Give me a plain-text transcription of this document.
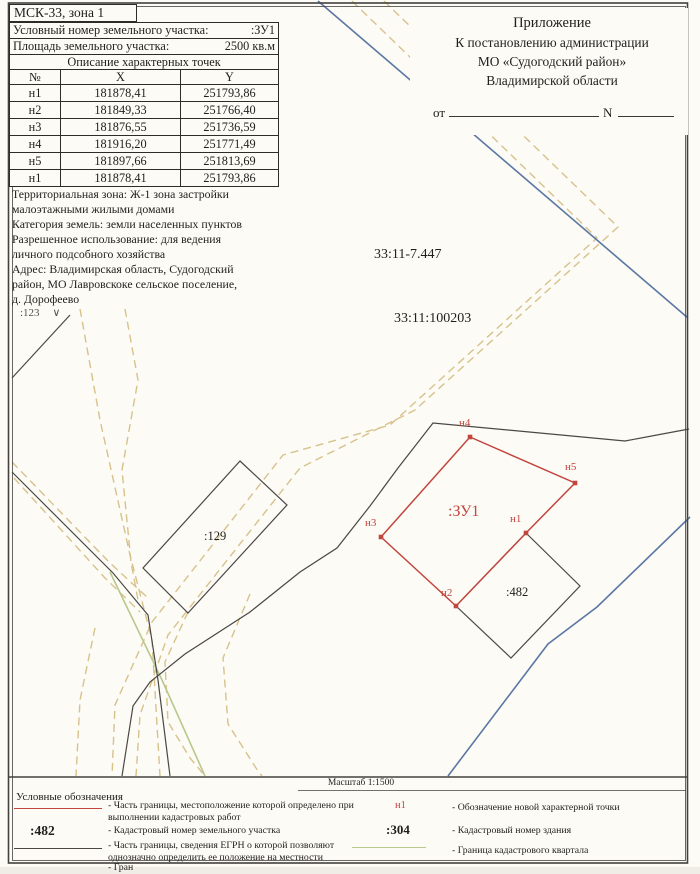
МСК-33, зона 1
Условный номер земельного участка: :ЗУ1		

Площадь земельного участка: 2500 кв.м		

Описание характерных точек		
№	X	Y
н1	181878,41	251793,86
н2	181849,33	251766,40
н3	181876,55	251736,59
н4	181916,20	251771,49
н5	181897,66	251813,69
н1	181878,41	251793,86
Территориальная зона: Ж-1 зона застройки
малоэтажными жилыми домами
Категория земель: земли населенных пунктов
Разрешенное использование: для ведения
личного подсобного хозяйства
Адрес: Владимирская область, Судогодский
район, МО Лавровскоке сельское поселение,
д. Дорофеево
Приложение
К постановлению администрации
МО «Судогодский район»
Владимирской области
от	N
33:11-7.447
33:11:100203
:129
:ЗУ1
:482
:123 ∨
н4
н5
н1
н2
н3
Масштаб 1:1500
Условные обозначения
- Часть границы, местоположение которой определено при выполнении кадастровых работ
:482	- Кадастровый номер земельного участка
- Часть границы, сведения ЕГРН о которой позволяют однозначно определить ее положение на местности
- Гран
н1	- Обозначение новой характерной точки
:304	- Кадастровый номер здания
- Граница кадастрового квартала
